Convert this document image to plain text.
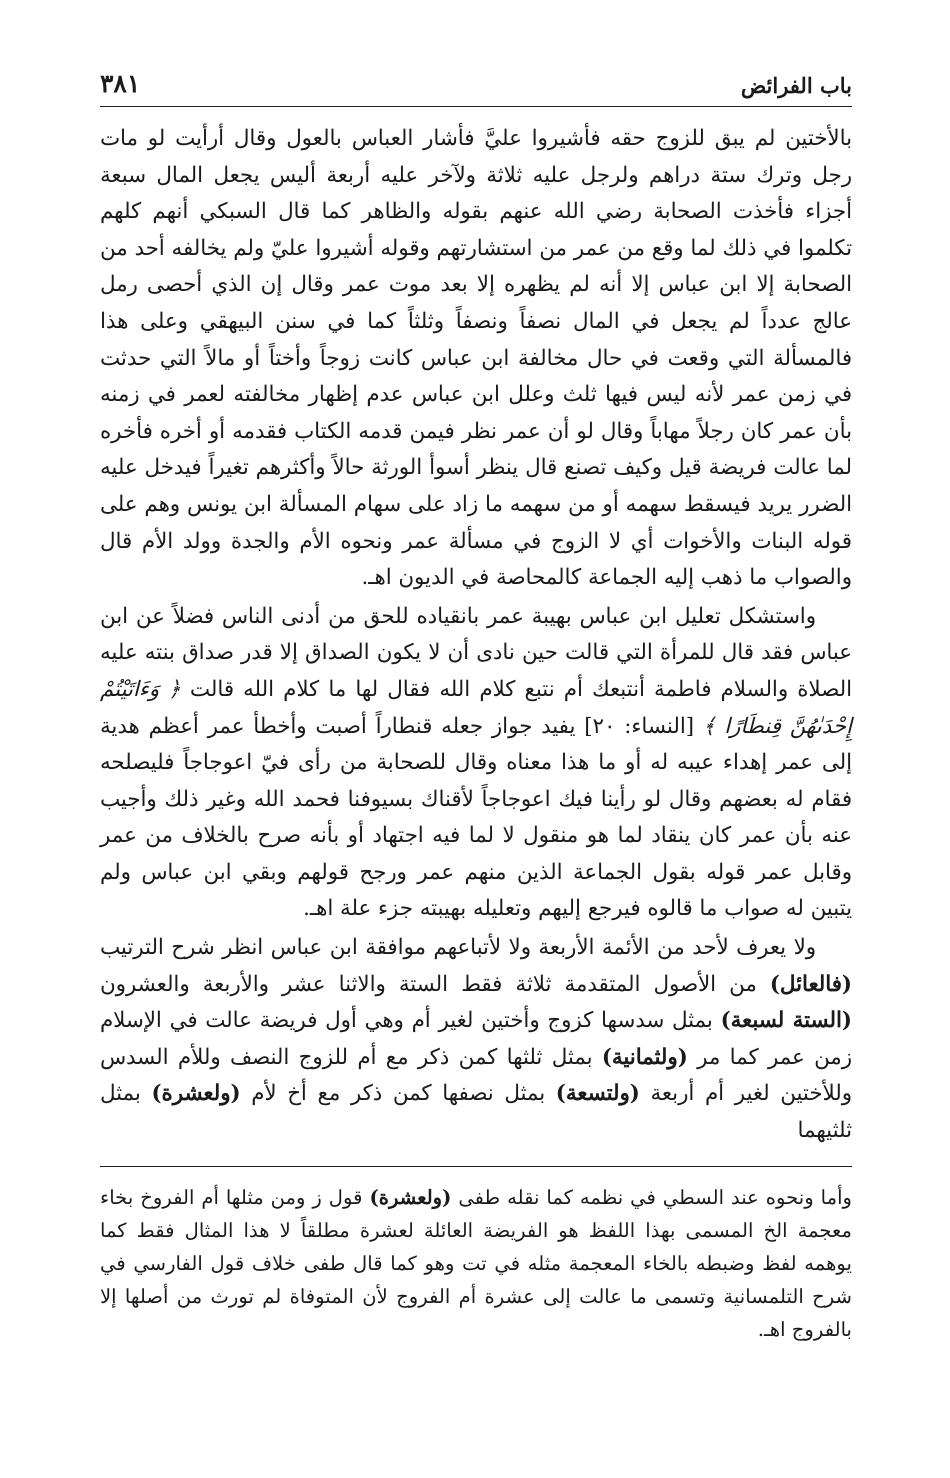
باب الفرائض
٣٨١

بالأختين لم يبق للزوج حقه فأشيروا عليَّ فأشار العباس بالعول وقال أرأيت لو مات رجل وترك ستة دراهم ولرجل عليه ثلاثة ولآخر عليه أربعة أليس يجعل المال سبعة أجزاء فأخذت الصحابة رضي الله عنهم بقوله والظاهر كما قال السبكي أنهم كلهم تكلموا في ذلك لما وقع من عمر من استشارتهم وقوله أشيروا عليّ ولم يخالفه أحد من الصحابة إلا ابن عباس إلا أنه لم يظهره إلا بعد موت عمر وقال إن الذي أحصى رمل عالج عدداً لم يجعل في المال نصفاً ونصفاً وثلثاً كما في سنن البيهقي وعلى هذا فالمسألة التي وقعت في حال مخالفة ابن عباس كانت زوجاً وأختاً أو مالاً التي حدثت في زمن عمر لأنه ليس فيها ثلث وعلل ابن عباس عدم إظهار مخالفته لعمر في زمنه بأن عمر كان رجلاً مهاباً وقال لو أن عمر نظر فيمن قدمه الكتاب فقدمه أو أخره فأخره لما عالت فريضة قيل وكيف تصنع قال ينظر أسوأ الورثة حالاً وأكثرهم تغيراً فيدخل عليه الضرر يريد فيسقط سهمه أو من سهمه ما زاد على سهام المسألة ابن يونس وهم على قوله البنات والأخوات أي لا الزوج في مسألة عمر ونحوه الأم والجدة وولد الأم قال والصواب ما ذهب إليه الجماعة كالمحاصة في الديون اهـ.

واستشكل تعليل ابن عباس بهيبة عمر بانقياده للحق من أدنى الناس فضلاً عن ابن عباس فقد قال للمرأة التي قالت حين نادى أن لا يكون الصداق إلا قدر صداق بنته عليه الصلاة والسلام فاطمة أنتبعك أم نتبع كلام الله فقال لها ما كلام الله قالت ﴿ وَءَاتَيْتُمْ إِحْدَىٰهُنَّ قِنطَارًا ﴾ [النساء: ٢٠] يفيد جواز جعله قنطاراً أصبت وأخطأ عمر أعظم هدية إلى عمر إهداء عيبه له أو ما هذا معناه وقال للصحابة من رأى فيّ اعوجاجاً فليصلحه فقام له بعضهم وقال لو رأينا فيك اعوجاجاً لأقناك بسيوفنا فحمد الله وغير ذلك وأجيب عنه بأن عمر كان ينقاد لما هو منقول لا لما فيه اجتهاد أو بأنه صرح بالخلاف من عمر وقابل عمر قوله بقول الجماعة الذين منهم عمر ورجح قولهم وبقي ابن عباس ولم يتبين له صواب ما قالوه فيرجع إليهم وتعليله بهيبته جزء علة اهـ.

ولا يعرف لأحد من الأئمة الأربعة ولا لأتباعهم موافقة ابن عباس انظر شرح الترتيب (فالعائل) من الأصول المتقدمة ثلاثة فقط الستة والاثنا عشر والأربعة والعشرون (الستة لسبعة) بمثل سدسها كزوج وأختين لغير أم وهي أول فريضة عالت في الإسلام زمن عمر كما مر (ولثمانية) بمثل ثلثها كمن ذكر مع أم للزوج النصف وللأم السدس وللأختين لغير أم أربعة (ولتسعة) بمثل نصفها كمن ذكر مع أخ لأم (ولعشرة) بمثل ثلثيهما

وأما ونحوه عند السطي في نظمه كما نقله طفى (ولعشرة) قول ز ومن مثلها أم الفروخ بخاء معجمة الخ المسمى بهذا اللفظ هو الفريضة العائلة لعشرة مطلقاً لا هذا المثال فقط كما يوهمه لفظ وضبطه بالخاء المعجمة مثله في تت وهو كما قال طفى خلاف قول الفارسي في شرح التلمسانية وتسمى ما عالت إلى عشرة أم الفروج لأن المتوفاة لم تورث من أصلها إلا بالفروج اهـ.
